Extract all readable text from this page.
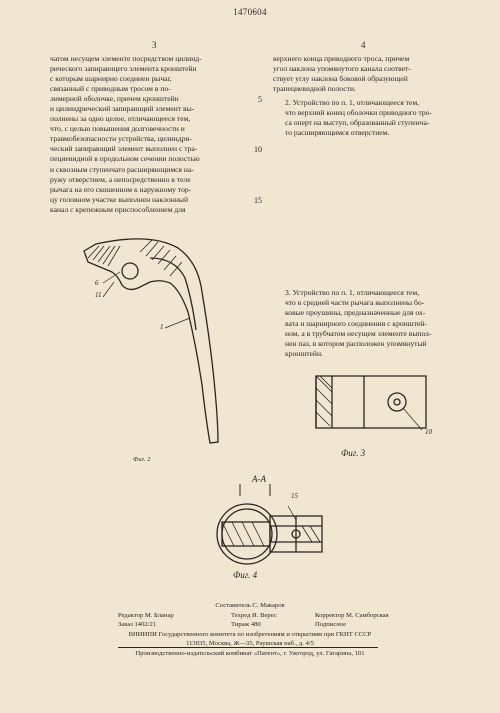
1470604
3	4

чатом несущем элементе посредством цилинд-
рического запирающего элемента кронштейн
с которым шарнирно соединен рычаг,
связанный с приводным тросом в по-
лимерной оболочке, причем кронштейн
и цилиндрический запирающий элемент вы-
полнены за одно целое, отличающееся тем,
что, с целью повышения долговечности и
травмобезопасности устройства, цилиндри-
ческий запирающий элемент выполнен с тра-
пециевидной в продольном сечении полостью
и сквозным ступенчато расширяющимся на-
ружу отверстием, а непосредственно в теле
рычага на его скошенном к наружному тор-
цу головном участке выполнен наклонный
канал с крепежным приспособлением для

5
10
15

верхнего конца приводного троса, причем
угол наклона упомянутого канала соответ-
ствует углу наклона боковой образующей
трапециевидной полости.

2. Устройство по п. 1, отличающееся тем,
что верхний конец оболочки приводного тро-
са оперт на выступ, образованный ступенча-
то расширяющимся отверстием.

3. Устройство по п. 1, отличающееся тем,
что в средней части рычага выполнены бо-
ковые проушины, предназначенные для ох-
вата и шарнирного соединения с кронштей-
ном, а в трубчатом несущем элементе выпол-
нен паз, в котором расположен упомянутый
кронштейн.

6
11
1
Фиг. 2
10
Фиг. 3
А-А
15
Фиг. 4
Составитель С. Макаров
Редактор М. Бланар	Техред И. Верес	Корректор М. Самборская
Заказ 1402/21	Тираж 480	Подписное
ВНИИПИ Государственного комитета по изобретениям и открытиям при ГКНТ СССР
113035, Москва, Ж—35, Раушская наб., д. 4/5
Производственно-издательский комбинат «Патент», г. Ужгород, ул. Гагарина, 101
